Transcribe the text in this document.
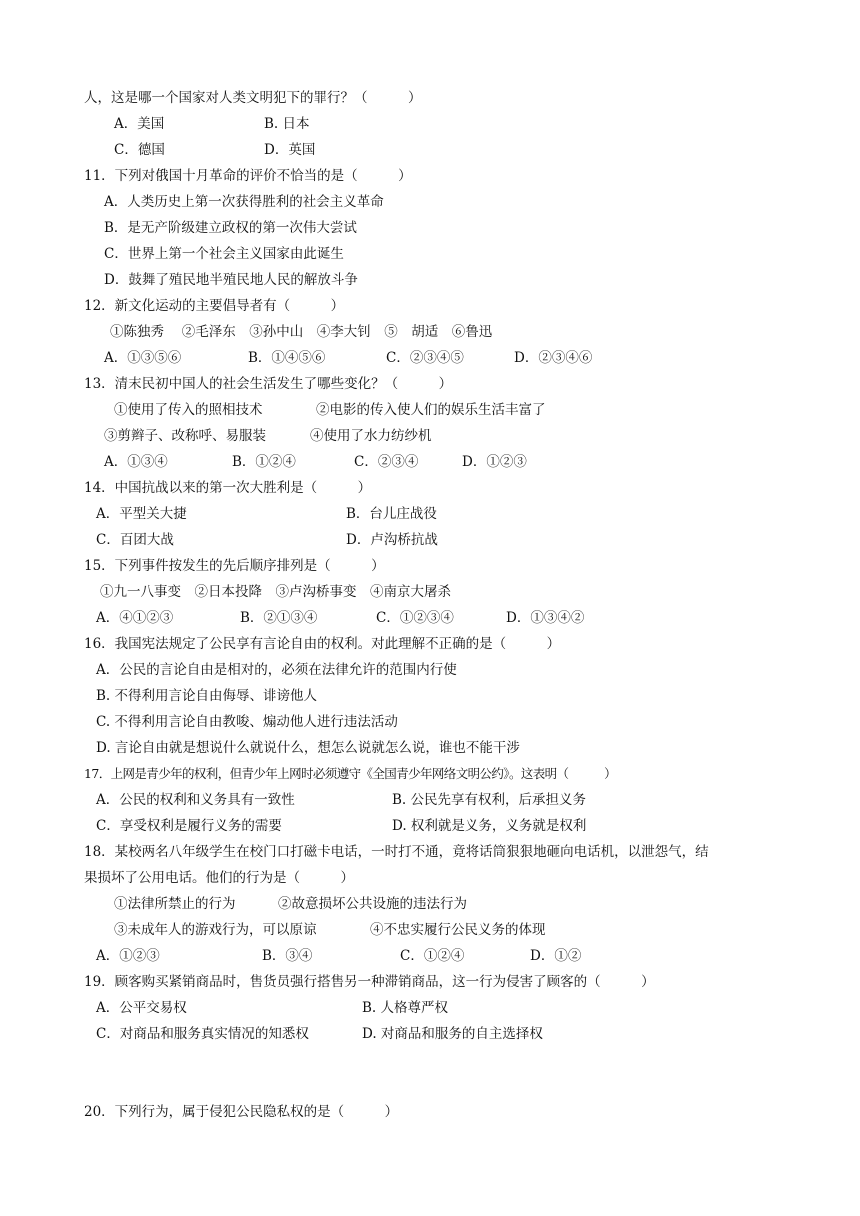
人，这是哪一个国家对人类文明犯下的罪行？（　　　）
A．美国	B. 日本
C．德国	D．英国
11．下列对俄国十月革命的评价不恰当的是（　　　）
A．人类历史上第一次获得胜利的社会主义革命
B．是无产阶级建立政权的第一次伟大尝试
C．世界上第一个社会主义国家由此诞生
D．鼓舞了殖民地半殖民地人民的解放斗争
12．新文化运动的主要倡导者有（　　　）
①陈独秀　 ②毛泽东　③孙中山　④李大钊　⑤　胡适　⑥鲁迅
A．①③⑤⑥	B．①④⑤⑥	C．②③④⑤	D．②③④⑥
13．清末民初中国人的社会生活发生了哪些变化？（　　　）
①使用了传入的照相技术	②电影的传入使人们的娱乐生活丰富了
③剪辫子、改称呼、易服装	④使用了水力纺纱机
A．①③④	B．①②④	C．②③④	D．①②③
14．中国抗战以来的第一次大胜利是（　　　）
A．平型关大捷	B．台儿庄战役
C．百团大战	D．卢沟桥抗战
15．下列事件按发生的先后顺序排列是（　　　）
①九一八事变　②日本投降　③卢沟桥事变　④南京大屠杀
A．④①②③	B．②①③④	C．①②③④	D．①③④②
16．我国宪法规定了公民享有言论自由的权利。对此理解不正确的是（　　　）
A．公民的言论自由是相对的，必须在法律允许的范围内行使
B. 不得利用言论自由侮辱、诽谤他人
C. 不得利用言论自由教唆、煽动他人进行违法活动
D. 言论自由就是想说什么就说什么，想怎么说就怎么说，谁也不能干涉
17．上网是青少年的权利，但青少年上网时必须遵守《全国青少年网络文明公约》。这表明（　　　）
A．公民的权利和义务具有一致性	B. 公民先享有权利，后承担义务
C．享受权利是履行义务的需要	D. 权利就是义务，义务就是权利
18．某校两名八年级学生在校门口打磁卡电话，一时打不通，竟将话筒狠狠地砸向电话机，以泄怨气，结
果损坏了公用电话。他们的行为是（　　　）
①法律所禁止的行为	②故意损坏公共设施的违法行为
③未成年人的游戏行为，可以原谅	④不忠实履行公民义务的体现
A．①②③	B．③④	C．①②④	D．①②
19．顾客购买紧销商品时，售货员强行搭售另一种滞销商品，这一行为侵害了顾客的（　　　）
A．公平交易权	B. 人格尊严权
C．对商品和服务真实情况的知悉权	D. 对商品和服务的自主选择权
20．下列行为，属于侵犯公民隐私权的是（　　　）
